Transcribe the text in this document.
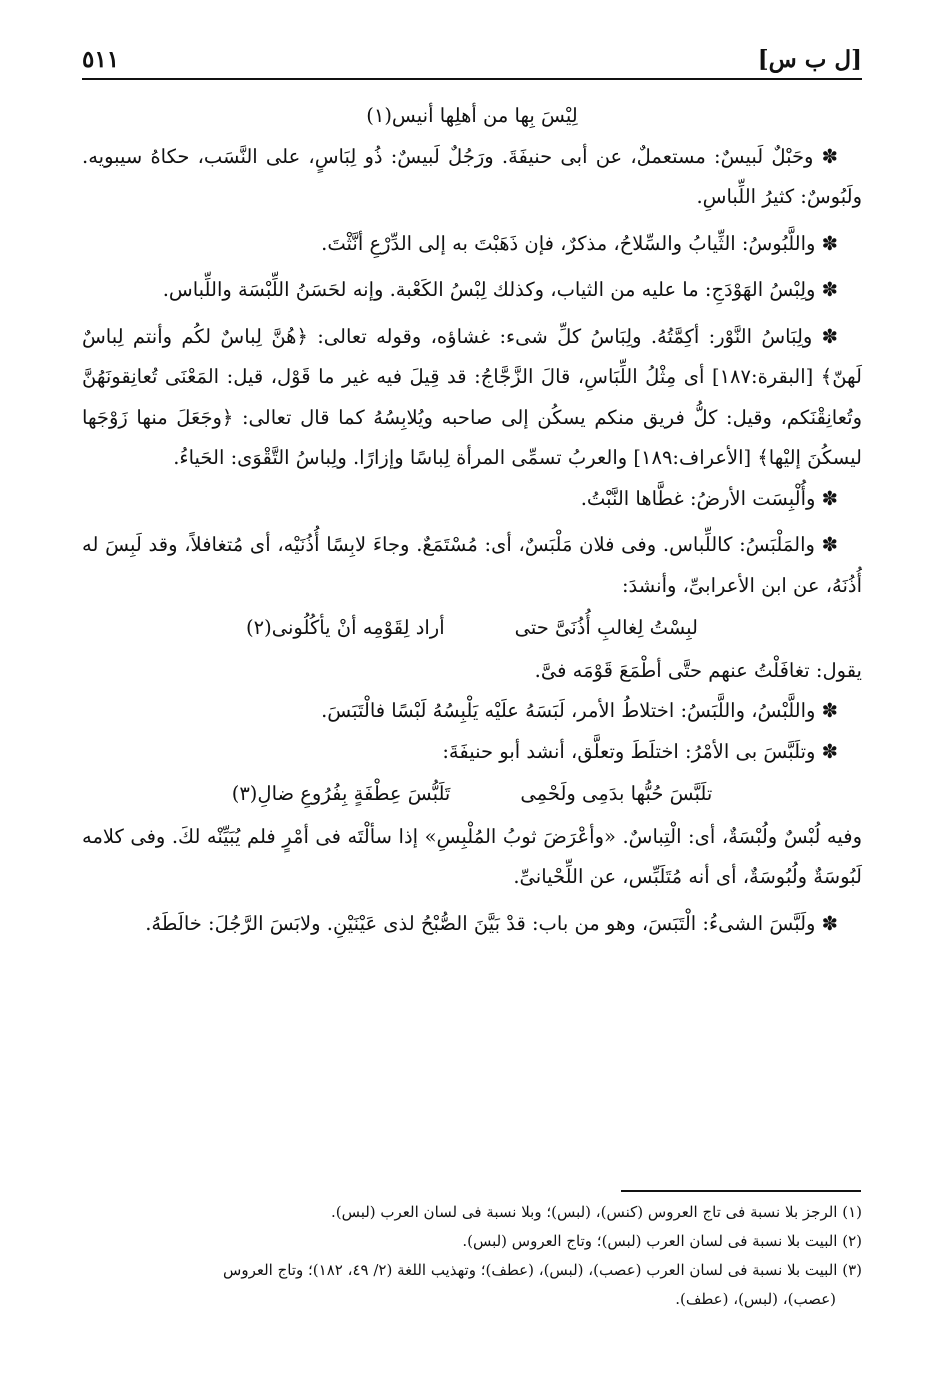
[ل ب س]
٥١١

لِيْسَ بِها من أهلِها أنيس(١)

✽ وحَبْلٌ لَبيسٌ: مستعملٌ، عن أبى حنيفَةَ. ورَجُلٌ لَبيسٌ: ذُو لِبَاسٍ، على النَّسَب، حكاهُ سيبويه. ولَبُوسٌ: كثيرُ اللِّباسِ.

✽ واللَّبُوسُ: الثِّيابُ والسِّلاحُ، مذكرٌ، فإن ذَهَبْتَ به إلى الدِّرْعِ أنَّثْتَ.

✽ ولِبْسُ الهَوْدَجِ: ما عليه من الثياب، وكذلك لِبْسُ الكَعْبة. وإنه لحَسَنُ اللِّبْسَة واللِّباس.

✽ ولِبَاسُ النَّوْر: أكِمَّتُهُ. ولِبَاسُ كلِّ شىء: غشاؤه، وقوله تعالى: ﴿هُنَّ لِباسٌ لكُم وأنتم لِباسٌ لَهنّ﴾ [البقرة:١٨٧] أى مِثْلُ اللِّبَاسِ، قالَ الزَّجَّاجُ: قد قِيلَ فيه غير ما قَوْل، قيل: المَعْنَى تُعانِقونَهُنَّ وتُعانِقْنَكم، وقيل: كلُّ فريق منكم يسكُن إلى صاحبه ويُلابِسُهُ كما قال تعالى: ﴿وجَعَلَ منها زَوْجَها ليسكُنَ إليْها﴾ [الأعراف:١٨٩] والعربُ تسمِّى المرأة لِباسًا وإزارًا. ولِباسُ التَّقْوَى: الحَياءُ.

✽ وأُلْبِسَت الأرضُ: غطَّاها النَّبْتُ.

✽ والمَلْبَسُ: كاللِّباس. وفى فلان مَلْبَسٌ، أى: مُسْتَمَعٌ. وجاءَ لابِسًا أُذُنَيْه، أى مُتغافلاً، وقد لَبِسَ له أُذُنَهُ، عن ابن الأعرابىِّ، وأنشدَ:

لبِسْتُ لِغالبِ أُذُنَىَّ حتى
أراد لِقَوْمِه أنْ يأكُلُونى(٢)

يقول: تغافَلْتُ عنهم حتَّى أطْمَعَ قَوْمَه فىَّ.

✽ واللَّبْسُ، واللَّبَسُ: اختلاطُ الأمر، لَبَسَهُ علَيْه يَلْبِسُهُ لَبْسًا فالْتَبَسَ.

✽ وتلَبَّسَ بى الأمْرُ: اختلَطَ وتعلَّق، أنشد أبو حنيفَةَ:

تلَبَّسَ حُبُّها بدَمِى ولَحْمِى
تَلَبُّسَ عِطْفَةٍ بِفُرُوعِ ضالِ(٣)

وفيه لُبْسٌ ولُبْسَةٌ، أى: الْتِباسٌ. «وأعْرَضَ ثوبُ المُلْبِسِ» إذا سألْتَه فى أمْرٍ فلم يُبَيِّنْه لكَ. وفى كلامه لَبُوسَةٌ ولُبُوسَةٌ، أى أنه مُتَلَبِّس، عن اللِّحْيانىِّ.

✽ ولَبَّسَ الشىءُ: الْتَبَسَ، وهو من باب: قدْ بَيَّنَ الصُّبْحُ لذى عَيْنَيْنِ. ولابَسَ الرَّجُلَ: خالَطَهُ.

(١) الرجز بلا نسبة فى تاج العروس (كنس)، (لبس)؛ وبلا نسبة فى لسان العرب (لبس).

(٢) البيت بلا نسبة فى لسان العرب (لبس)؛ وتاج العروس (لبس).

(٣) البيت بلا نسبة فى لسان العرب (عصب)، (لبس)، (عطف)؛ وتهذيب اللغة (٢/ ٤٩، ١٨٢)؛ وتاج العروس

(عصب)، (لبس)، (عطف).
